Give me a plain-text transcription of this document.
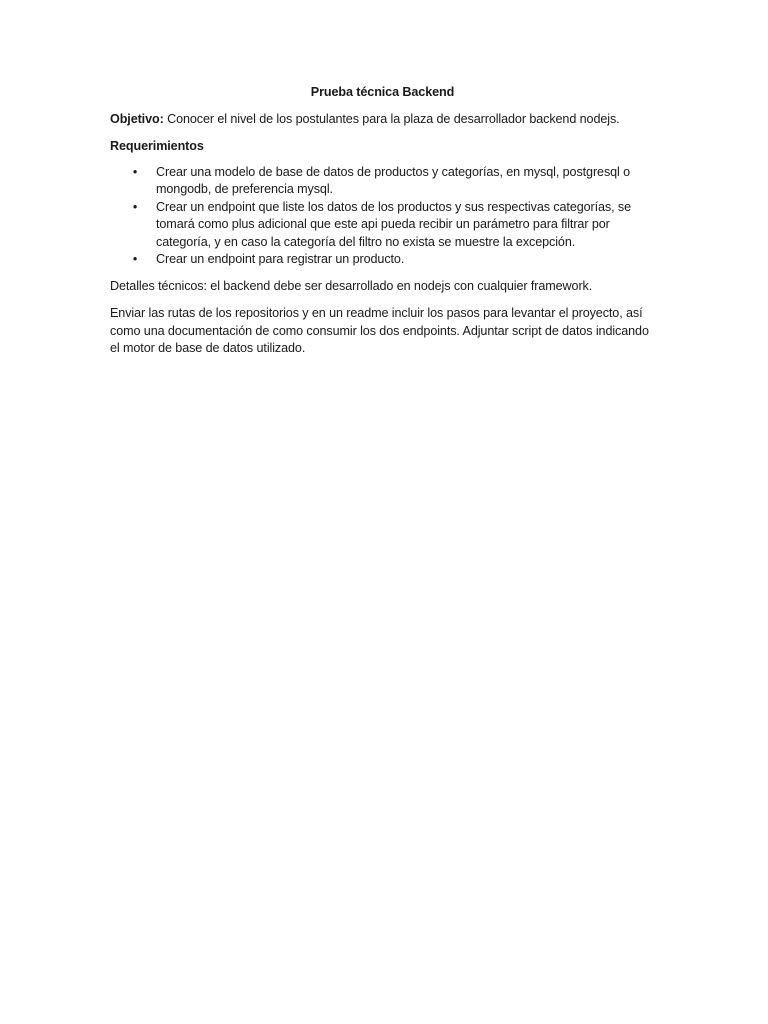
Prueba técnica Backend

Objetivo: Conocer el nivel de los postulantes para la plaza de desarrollador backend nodejs.

Requerimientos
• Crear una modelo de base de datos de productos y categorías, en mysql, postgresql o mongodb, de preferencia mysql.
• Crear un endpoint que liste los datos de los productos y sus respectivas categorías, se tomará como plus adicional que este api pueda recibir un parámetro para filtrar por categoría, y en caso la categoría del filtro no exista se muestre la excepción.
• Crear un endpoint para registrar un producto.

Detalles técnicos: el backend debe ser desarrollado en nodejs con cualquier framework.

Enviar las rutas de los repositorios y en un readme incluir los pasos para levantar el proyecto, así como una documentación de como consumir los dos endpoints. Adjuntar script de datos indicando el motor de base de datos utilizado.
